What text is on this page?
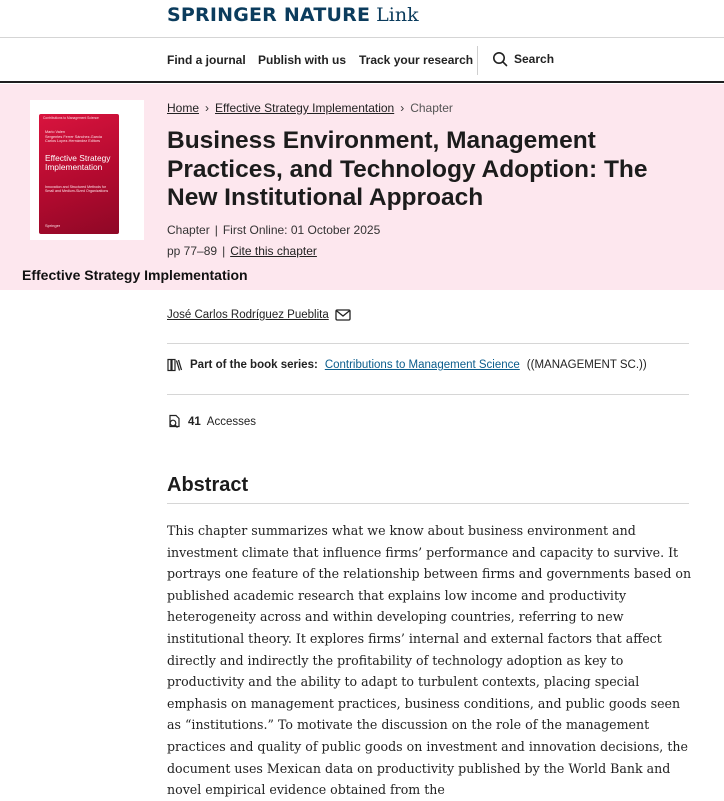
SPRINGER NATURE Link
Find a journal Publish with us Track your research	Search
Contributions to Management Science
Mario Valen
Sergentes Ferrer Sánchez-Garcia
Carlos Lopez-Hernández Editors
Effective Strategy Implementation
Innovation and Structured Methods for Small and Medium-Sized Organizations
Springer
Effective Strategy Implementation
Home › Effective Strategy Implementation › Chapter
Business Environment, Management Practices, and Technology Adoption: The New Institutional Approach
Chapter | First Online: 01 October 2025
pp 77–89 | Cite this chapter
José Carlos Rodríguez Pueblita
Part of the book series: Contributions to Management Science ((MANAGEMENT SC.))
41 Accesses
Abstract

This chapter summarizes what we know about business environment and investment climate that influence firms’ performance and capacity to survive. It portrays one feature of the relationship between firms and governments based on published academic research that explains low income and productivity heterogeneity across and within developing countries, referring to new institutional theory. It explores firms’ internal and external factors that affect directly and indirectly the profitability of technology adoption as key to productivity and the ability to adapt to turbulent contexts, placing special emphasis on management practices, business conditions, and public goods seen as “institutions.” To motivate the discussion on the role of the management practices and quality of public goods on investment and innovation decisions, the document uses Mexican data on productivity published by the World Bank and novel empirical evidence obtained from the
